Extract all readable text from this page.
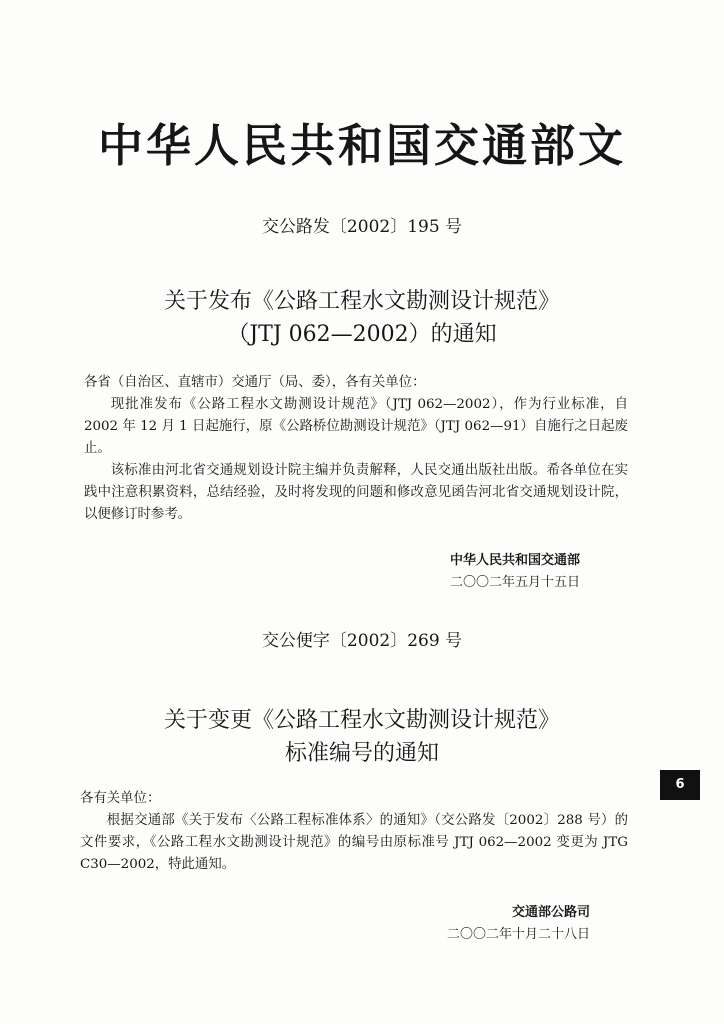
中华人民共和国交通部文
交公路发〔2002〕195 号
关于发布《公路工程水文勘测设计规范》
（JTJ 062—2002）的通知

各省（自治区、直辖市）交通厅（局、委），各有关单位：

现批准发布《公路工程水文勘测设计规范》（JTJ 062—2002），作为行业标准，自 2002 年 12 月 1 日起施行，原《公路桥位勘测设计规范》（JTJ 062—91）自施行之日起废止。

该标准由河北省交通规划设计院主编并负责解释，人民交通出版社出版。希各单位在实践中注意积累资料，总结经验，及时将发现的问题和修改意见函告河北省交通规划设计院，以便修订时参考。

中华人民共和国交通部
二〇〇二年五月十五日
交公便字〔2002〕269 号
关于变更《公路工程水文勘测设计规范》
标准编号的通知

各有关单位：

根据交通部《关于发布〈公路工程标准体系〉的通知》（交公路发〔2002〕288 号）的文件要求，《公路工程水文勘测设计规范》的编号由原标准号 JTJ 062—2002 变更为 JTG C30—2002，特此通知。

交通部公路司
二〇〇二年十月二十八日
6
